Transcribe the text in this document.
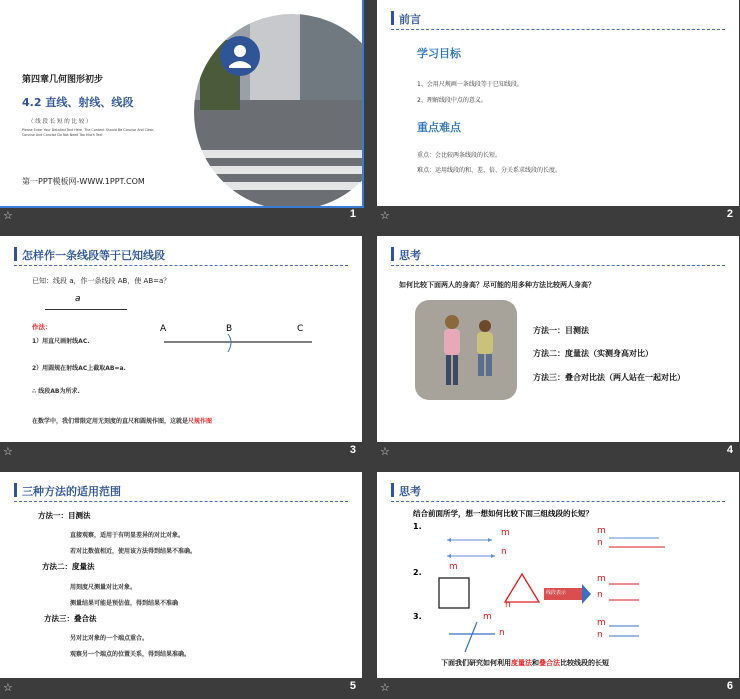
第四章几何图形初步
4.2 直线、射线、线段
（ 线 段 长 短 的 比 较 ）
Please Enter Your Detailed Text Here, The Content Should Be Concise And Clear, Concise And Concise Do Not Need Too Much Text
第一PPT模板网-WWW.1PPT.COM
☆	1
前言
学习目标
1、会用尺规画一条线段等于已知线段。
2、理解线段中点的意义。
重点难点
重点：会比较两条线段的长短。
难点：运用线段的和、差、倍、分关系求线段的长度。
☆	2
怎样作一条线段等于已知线段
已知：线段 a，作一条线段 AB，使 AB=a？
a
作法：
1）用直尺画射线AC.
2）用圆规在射线AC上截取AB=a.
∴ 线段AB为所求.
A	B	C
在数学中，我们常限定用无刻度的直尺和圆规作图，这就是尺规作图
☆	3
思考
如何比较下面两人的身高？尽可能的用多种方法比较两人身高？
方法一：目测法
方法二：度量法（实测身高对比）
方法三：叠合对比法（两人站在一起对比）
☆	4
三种方法的适用范围
方法一：目测法
直接观察，适用于有明显差异的对比对象。
若对比数值相近，使用该方法得到结果不准确。
方法二：度量法
用刻度尺测量对比对象。
测量结果可能是预估值，得到结果不准确
方法三：叠合法
另对比对象的一个端点重合。
观察另一个端点的位置关系，得到结果准确。
☆	5
思考
结合前面所学，想一想如何比较下面三组线段的长短？
1.
2.
3.
线段表示
m
n
m
n
m
n
m
n
m
n
m
n
下面我们研究如何利用度量法和叠合法比较线段的长短
☆	6
